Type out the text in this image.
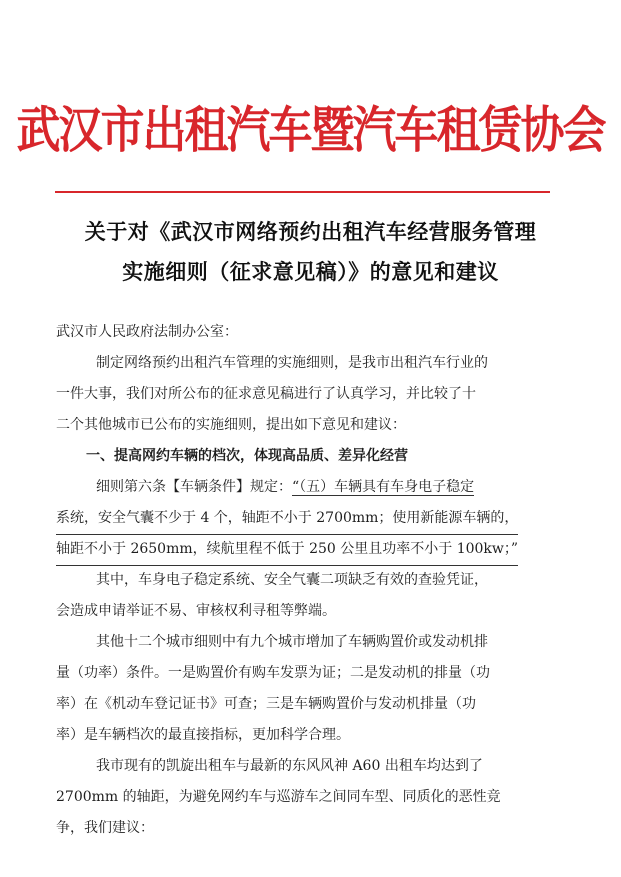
武汉市出租汽车暨汽车租赁协会
关于对《武汉市网络预约出租汽车经营服务管理
实施细则（征求意见稿）》的意见和建议
武汉市人民政府法制办公室：
制定网络预约出租汽车管理的实施细则，是我市出租汽车行业的
一件大事，我们对所公布的征求意见稿进行了认真学习，并比较了十
二个其他城市已公布的实施细则，提出如下意见和建议：
一、提高网约车辆的档次，体现高品质、差异化经营
细则第六条【车辆条件】规定：“（五）车辆具有车身电子稳定
系统，安全气囊不少于 4 个，轴距不小于 2700mm；使用新能源车辆的，
轴距不小于 2650mm，续航里程不低于 250 公里且功率不小于 100kw；”
其中，车身电子稳定系统、安全气囊二项缺乏有效的查验凭证，
会造成申请举证不易、审核权利寻租等弊端。
其他十二个城市细则中有九个城市增加了车辆购置价或发动机排
量（功率）条件。一是购置价有购车发票为证；二是发动机的排量（功
率）在《机动车登记证书》可查；三是车辆购置价与发动机排量（功
率）是车辆档次的最直接指标，更加科学合理。
我市现有的凯旋出租车与最新的东风风神 A60 出租车均达到了
2700mm 的轴距，为避免网约车与巡游车之间同车型、同质化的恶性竞
争，我们建议：
